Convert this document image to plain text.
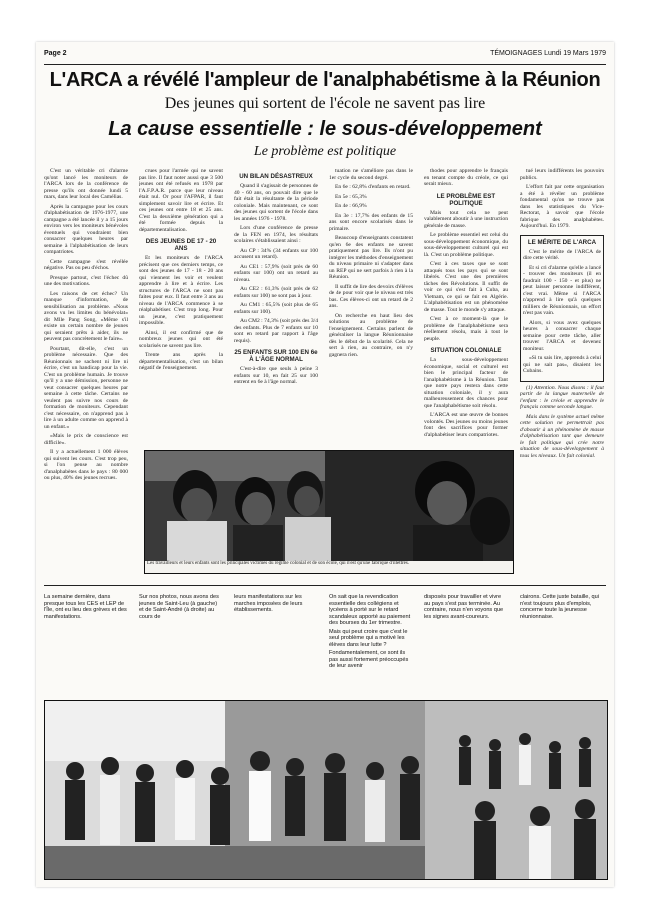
Page 2	TÉMOIGNAGES Lundi 19 Mars 1979
L'ARCA a révélé l'ampleur de l'analphabétisme à la Réunion
Des jeunes qui sortent de l'école ne savent pas lire
La cause essentielle : le sous-développement
Le problème est politique

C'est un véritable cri d'alarme qu'ont lancé les moniteurs de l'ARCA lors de la conférence de presse qu'ils ont donnée lundi 5 mars, dans leur local des Camélias.

Après la campagne pour les cours d'alphabétisation de 1976-1977, une campagne a été lancée il y a 15 jours environ vers les moniteurs bénévoles éventuels qui voudraient bien consacrer quelques heures par semaine à l'alphabétisation de leurs compatriotes.

Cette campagne s'est révélée négative. Pas ou peu d'échos.

Presque partout, c'est l'échec dû une des motivations.

Les raisons de cet échec? Un manque d'information, de sensibilisation au problème. «Nous avons vu les limites du bénévolat» dit Mlle Pang Song, «Même s'il existe un certain nombre de jeunes qui seraient prêts à aider, ils ne peuvent pas concrètement le faire».

Pourtant, dit-elle, c'est un problème nécessaire. Que des Réunionnais ne sachent ni lire ni écrire, c'est un handicap pour la vie. C'est un problème humain. Je trouve qu'il y a une démission, personne ne veut consacrer quelques heures par semaine à cette tâche. Certains ne veulent pas suivre nos cours de formation de moniteurs. Cependant c'est nécessaire, on n'apprend pas à lire à un adulte comme on apprend à un enfant.»

«Mais le prix de conscience est difficile».

Il y a actuellement 1 000 élèves qui suivent les cours. C'est trop peu, si l'on pense au nombre d'analphabètes dans le pays : 80 000 ou plus, 40% des jeunes recrues.

crues pour l'armée qui ne savent pas lire. Il faut noter aussi que 3 500 jeunes ont été refusés en 1978 par l'A.F.P.A.R. parce que leur niveau était nul. Or pour l'AFPAR, il faut simplement savoir lire et écrire. Et ces jeunes ont entre 18 et 25 ans. C'est la deuxième génération qui a été formée depuis la départementalisation.

DES JEUNES DE 17 - 20 ANS

Et les moniteurs de l'ARCA précisent que ces derniers temps, ce sont des jeunes de 17 - 18 - 20 ans qui viennent les voir et veulent apprendre à lire et à écrire. Les structures de l'ARCA ne sont pas faites pour eux. Il faut entre 3 ans au niveau de l'ARCA commence à se réalphabétiser. C'est trop long. Pour un jeune, c'est pratiquement impossible.

Ainsi, il est confirmé que de nombreux jeunes qui ont été scolarisés ne savent pas lire.

Trente ans après la départementalisation, c'est un bilan négatif de l'enseignement.

UN BILAN DÉSASTREUX

Quand il s'agissait de personnes de 40 - 60 ans, on pouvait dire que le fait était la résultante de la période coloniale. Mais maintenant, ce sont des jeunes qui sortent de l'école dans les années 1976 - 1978.

Lors d'une conférence de presse de la FEN en 1974, les résultats scolaires s'établissaient ainsi :

Au CP : 34% (34 enfants sur 100 accusent un retard).

Au CE1 : 57,9% (soit près de 60 enfants sur 100) ont un retard au niveau.

Au CE2 : 61,3% (soit près de 62 enfants sur 100) ne sont pas à jour.

Au CM1 : 65,5% (soit plus de 65 enfants sur 100).

Au CM2 : 74,3% (soit près des 3/4 des enfants. Plus de 7 enfants sur 10 sont en retard par rapport à l'âge requis).

25 ENFANTS SUR 100 EN 6e À L'ÂGE NORMAL

C'est-à-dire que seuls à peine 3 enfants sur 10, en fait 25 sur 100 entrent en 6e à l'âge normal.

tuation ne s'améliore pas dans le 1er cycle du second degré.

En 6e : 62,8% d'enfants en retard.

En 5e : 65,3%

En 4e : 66,9%

En 3e : 17,7% des enfants de 15 ans sont encore scolarisés dans le primaire.

Beaucoup d'enseignants constatent qu'en 6e des enfants ne savent pratiquement pas lire. Ils n'ont pu intégrer les méthodes d'enseignement du niveau primaire ni s'adapter dans un REP qui ne sert parfois à rien à la Réunion.

Il suffit de lire des devoirs d'élèves de 4e pour voir que le niveau est très bas. Ces élèves-ci ont un retard de 2 ans.

On recherche en haut lieu des solutions au problème de l'enseignement. Certains parlent de généraliser la langue Réunionnaise dès le début de la scolarité. Cela ne sert à rien, au contraire, on n'y gagnera rien.

thodes pour apprendre le français en tenant compte du créole, ce qui serait mieux.

LE PROBLÈME EST POLITIQUE

Mais tout cela ne peut valablement aboutir à une instruction générale de masse.

Le problème essentiel est celui du sous-développement économique, du sous-développement culturel qui est là. C'est un problème politique.

C'est à ces taxes que se sont attaqués tous les pays qui se sont libérés. C'est une des premières tâches des Révolutions. Il suffit de voir ce qui s'est fait à Cuba, au Vietnam, ce qui se fait en Algérie. L'alphabétisation est un phénomène de masse. Tout le monde s'y attaque.

C'est à ce moment-là que le problème de l'analphabétisme sera réellement résolu, mais à tout le peuple.

SITUATION COLONIALE

La sous-développement économique, social et culturel est bien le principal facteur de l'analphabétisme à la Réunion. Tant que notre pays restera dans cette situation coloniale, il y aura malheureusement des chances pour que l'analphabétisme soit résolu.

L'ARCA est une œuvre de bonnes volontés. Des jeunes ou moins jeunes font des sacrifices pour former d'alphabétiser leurs compatriotes.

tué leurs indifférents les pouvoirs publics.

L'effort fait par cette organisation a été à révéler un problème fondamental qu'on ne trouve pas dans les statistiques du Vice-Rectorat, à savoir que l'école fabrique des analphabètes. Aujourd'hui. En 1979.

LE MÉRITE DE L'ARCA

C'est le mérite de l'ARCA de dire cette vérité.

Et si cri d'alarme qu'elle a lancé - trouver des moniteurs (il en faudrait 100 - 150 - et plus) ne peut laisser personne indifférent, c'est vrai. Même si l'ARCA n'apprend à lire qu'à quelques milliers de Réunionnais, un effort n'est pas vain.

Alors, si vous avez quelques heures à consacrer chaque semaine pour cette tâche, aller trouver l'ARCA et devenez moniteur.

«Si tu sais lire, apprends à celui qui ne sait pas», disaient les Cubains.

(1) Attention. Nous disons : il faut partir de la langue maternelle de l'enfant : le créole et apprendre le français comme seconde langue.

Mais dans le système actuel même cette solution ne permettrait pas d'aboutir à un phénomène de masse d'alphabétisation tant que demeure le fait politique qui crée notre situation de sous-développement à tous les niveaux. Un fait colonial.

Les travailleurs et leurs enfants sont les principales victimes du régime colonial et de son école, qui n'est qu'une fabrique d'illettrés.
La semaine dernière, dans presque tous les CES et LEP de l'Île, ont eu lieu des grèves et des manifestations.
Sur nos photos, nous avons des jeunes de Saint-Leu (à gauche) et de Saint-André (à droite) au cours de
leurs manifestations sur les marches imposées de leurs établissements.

On sait que la revendication essentielle des collégiens et lycéens à porté sur le retard scandaleux apporté au paiement des bourses du 1er trimestre.

Mais qui peut croire que c'est le seul problème qui a motivé les élèves dans leur lutte ?

Fondamentalement, ce sont ils pas aussi fortement préoccupés de leur avenir

disposés pour travailler et vivre au pays s'est pas terminée. Au contraire, nous n'en voyons que les signes avant-coureurs.
clairons. Cette juste bataille, qui n'est toujours plus d'emplois, concerne toute la jeunesse réunionnaise.
